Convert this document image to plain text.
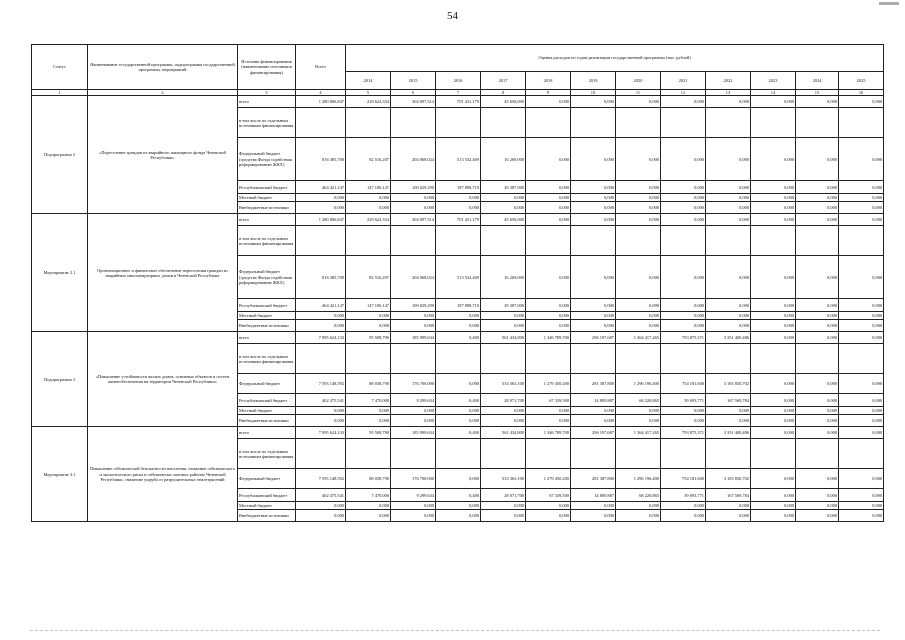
54
Статус	Наименование государственной программы, подпрограммы государственной программы, мероприятий	Источник финансирования (наименование источников финансирования)	Всего	Оценка расходов по годам реализации государственной программы (тыс. рублей)											
				2014	2015	2016	2017	2018	2019	2020	2021	2022	2023	2024	2025
1	2	3	4	5	6	7	8	9	10	11	12	13	14	15	16
Подпрограмма 2	«Переселение граждан из аварийного жилищного фонда Чеченской Республики»	всего	1 280 806,847	229 622,354	304 097,314	701 431,179	45 656,000	0,000	0,000	0,000	0,000	0,000	0,000	0,000	0,000
		в том числе по отдельным источникам финансирования													
		Федеральный бюджет (средства Фонда содействия реформированию ЖКХ)	816 385,700	82 516,207	204 068,024	513 532,469	16 269,000	0,000	0,000	0,000	0,000	0,000	0,000	0,000	0,000
		Республиканский бюджет	464 421,147	147 106,147	100 029,290	187 898,710	29 387,000	0,000	0,000	0,000	0,000	0,000	0,000	0,000	0,000
		Местный бюджет	0,000	0,000	0,000	0,000	0,000	0,000	0,000	0,000	0,000	0,000	0,000	0,000	0,000
		Внебюджетные источники	0,000	0,000	0,000	0,000	0,000	0,000	0,000	0,000	0,000	0,000	0,000	0,000	0,000
Мероприятие 2.1	Организационное и финансовое обеспечение переселения граждан из аварийных многоквартирных домов в Чеченской Республике	всего	1 280 806,847	229 622,354	304 097,314	701 431,179	45 656,000	0,000	0,000	0,000	0,000	0,000	0,000	0,000	0,000
		в том числе по отдельным источникам финансирования													
		Федеральный бюджет (средства Фонда содействия реформированию ЖКХ)	816 385,700	82 516,207	204 068,024	513 532,469	16 269,000	0,000	0,000	0,000	0,000	0,000	0,000	0,000	0,000
		Республиканский бюджет	464 421,147	147 106,147	100 029,290	187 898,710	29 387,000	0,000	0,000	0,000	0,000	0,000	0,000	0,000	0,000
		Местный бюджет	0,000	0,000	0,000	0,000	0,000	0,000	0,000	0,000	0,000	0,000	0,000	0,000	0,000
		Внебюджетные источники	0,000	0,000	0,000	0,000	0,000	0,000	0,000	0,000	0,000	0,000	0,000	0,000	0,000
Подпрограмма 3	«Повышение устойчивости жилых домов, основных объектов и систем жизнеобеспечения на территории Чеченской Республики»	всего	7 995 624,133	95 508,790	185 999,634	0,400	561 434,800	1 346 789,700	296 197,687	1 364 417,265	793 875,371	3 351 400,486	0,000	0,000	0,000
		в том числе по отдельным источникам финансирования													
		Федеральный бюджет	7 593 148,592	88 038,790	176 700,000	0,000	533 363,100	1 279 450,200	281 387,800	1 296 196,400	754 181,600	3 183 830,702	0,000	0,000	0,000
		Республиканский бюджет	402 475,541	7 470,000	9 299,634	0,400	28 071,700	67 339,500	14 809,887	68 220,865	39 693,771	167 569,784	0,000	0,000	0,000
		Местный бюджет	0,000	0,000	0,000	0,000	0,000	0,000	0,000	0,000	0,000	0,000	0,000	0,000	0,000
		Внебюджетные источники	0,000	0,000	0,000	0,000	0,000	0,000	0,000	0,000	0,000	0,000	0,000	0,000	0,000
Мероприятие 3.1	Повышение сейсмической безопасности населения, снижение сейсмического и экологического риска в сейсмически опасных районах Чеченской Республики, снижение ущерба от разрушительных землетрясений	всего	7 995 624,133	95 508,790	185 999,634	0,400	561 434,800	1 346 789,700	296 197,687	1 364 417,265	793 875,371	3 351 400,486	0,000	0,000	0,000
		в том числе по отдельным источникам финансирования													
		Федеральный бюджет	7 593 148,592	88 038,790	176 700,000	0,000	533 363,100	1 279 450,200	281 387,800	1 296 196,400	754 181,600	3 183 830,702	0,000	0,000	0,000
		Республиканский бюджет	402 475,541	7 470,000	9 299,634	0,400	28 071,700	67 339,500	14 809,887	68 220,865	39 693,771	167 569,784	0,000	0,000	0,000
		Местный бюджет	0,000	0,000	0,000	0,000	0,000	0,000	0,000	0,000	0,000	0,000	0,000	0,000	0,000
		Внебюджетные источники	0,000	0,000	0,000	0,000	0,000	0,000	0,000	0,000	0,000	0,000	0,000	0,000	0,000
